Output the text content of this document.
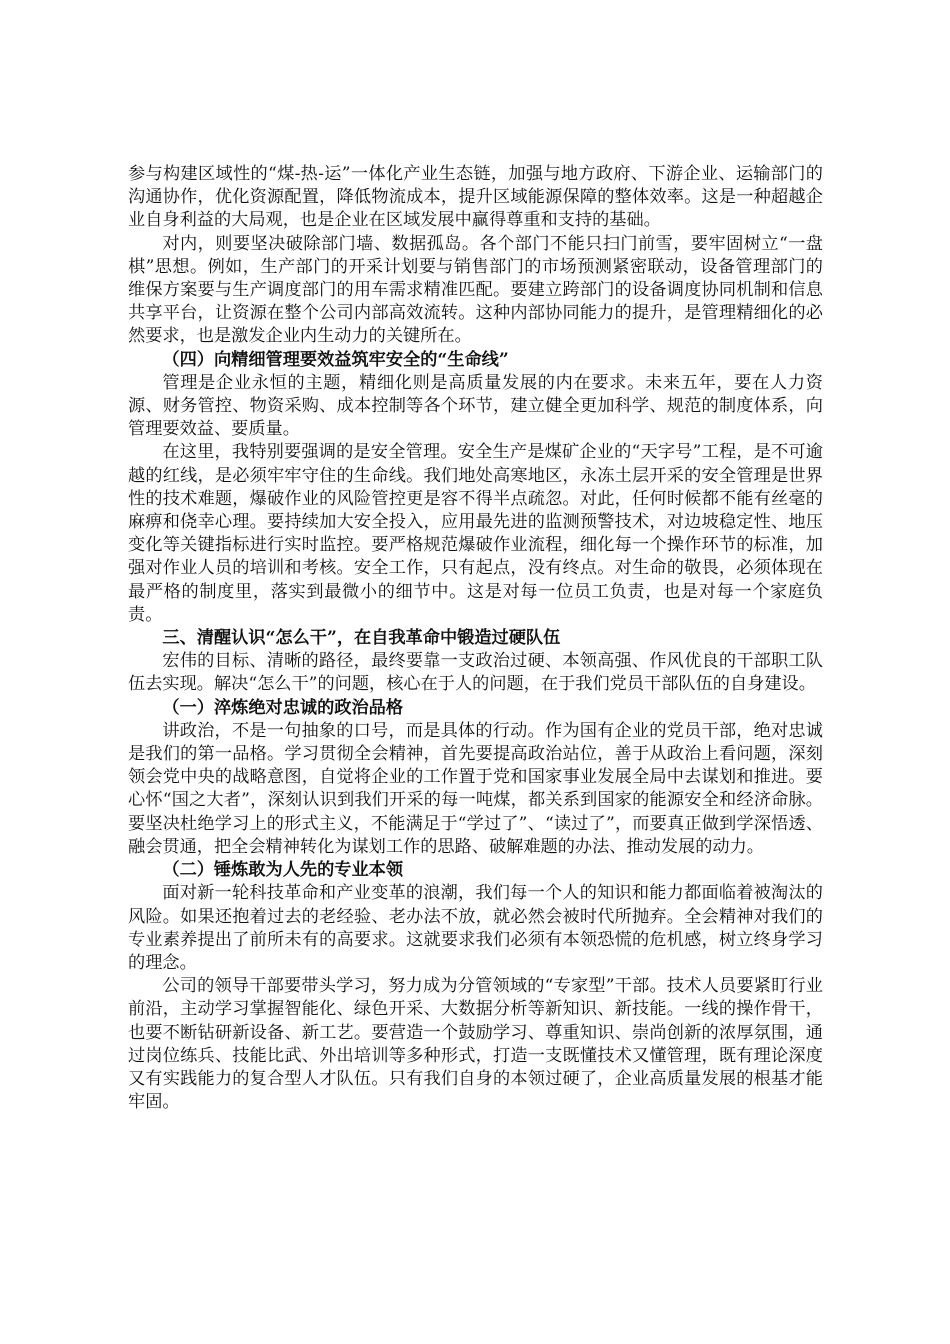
参与构建区域性的“煤-热-运”一体化产业生态链，加强与地方政府、下游企业、运输部门的沟通协作，优化资源配置，降低物流成本，提升区域能源保障的整体效率。这是一种超越企业自身利益的大局观，也是企业在区域发展中赢得尊重和支持的基础。

对内，则要坚决破除部门墙、数据孤岛。各个部门不能只扫门前雪，要牢固树立“一盘棋”思想。例如，生产部门的开采计划要与销售部门的市场预测紧密联动，设备管理部门的维保方案要与生产调度部门的用车需求精准匹配。要建立跨部门的设备调度协同机制和信息共享平台，让资源在整个公司内部高效流转。这种内部协同能力的提升，是管理精细化的必然要求，也是激发企业内生动力的关键所在。

（四）向精细管理要效益筑牢安全的“生命线”

管理是企业永恒的主题，精细化则是高质量发展的内在要求。未来五年，要在人力资源、财务管控、物资采购、成本控制等各个环节，建立健全更加科学、规范的制度体系，向管理要效益、要质量。

在这里，我特别要强调的是安全管理。安全生产是煤矿企业的“天字号”工程，是不可逾越的红线，是必须牢牢守住的生命线。我们地处高寒地区，永冻土层开采的安全管理是世界性的技术难题，爆破作业的风险管控更是容不得半点疏忽。对此，任何时候都不能有丝毫的麻痹和侥幸心理。要持续加大安全投入，应用最先进的监测预警技术，对边坡稳定性、地压变化等关键指标进行实时监控。要严格规范爆破作业流程，细化每一个操作环节的标准，加强对作业人员的培训和考核。安全工作，只有起点，没有终点。对生命的敬畏，必须体现在最严格的制度里，落实到最微小的细节中。这是对每一位员工负责，也是对每一个家庭负责。

三、清醒认识“怎么干”，在自我革命中锻造过硬队伍

宏伟的目标、清晰的路径，最终要靠一支政治过硬、本领高强、作风优良的干部职工队伍去实现。解决“怎么干”的问题，核心在于人的问题，在于我们党员干部队伍的自身建设。

（一）淬炼绝对忠诚的政治品格

讲政治，不是一句抽象的口号，而是具体的行动。作为国有企业的党员干部，绝对忠诚是我们的第一品格。学习贯彻全会精神，首先要提高政治站位，善于从政治上看问题，深刻领会党中央的战略意图，自觉将企业的工作置于党和国家事业发展全局中去谋划和推进。要心怀“国之大者”，深刻认识到我们开采的每一吨煤，都关系到国家的能源安全和经济命脉。要坚决杜绝学习上的形式主义，不能满足于“学过了”、“读过了”，而要真正做到学深悟透、融会贯通，把全会精神转化为谋划工作的思路、破解难题的办法、推动发展的动力。

（二）锤炼敢为人先的专业本领

面对新一轮科技革命和产业变革的浪潮，我们每一个人的知识和能力都面临着被淘汰的风险。如果还抱着过去的老经验、老办法不放，就必然会被时代所抛弃。全会精神对我们的专业素养提出了前所未有的高要求。这就要求我们必须有本领恐慌的危机感，树立终身学习的理念。

公司的领导干部要带头学习，努力成为分管领域的“专家型”干部。技术人员要紧盯行业前沿，主动学习掌握智能化、绿色开采、大数据分析等新知识、新技能。一线的操作骨干，也要不断钻研新设备、新工艺。要营造一个鼓励学习、尊重知识、崇尚创新的浓厚氛围，通过岗位练兵、技能比武、外出培训等多种形式，打造一支既懂技术又懂管理，既有理论深度又有实践能力的复合型人才队伍。只有我们自身的本领过硬了，企业高质量发展的根基才能牢固。
